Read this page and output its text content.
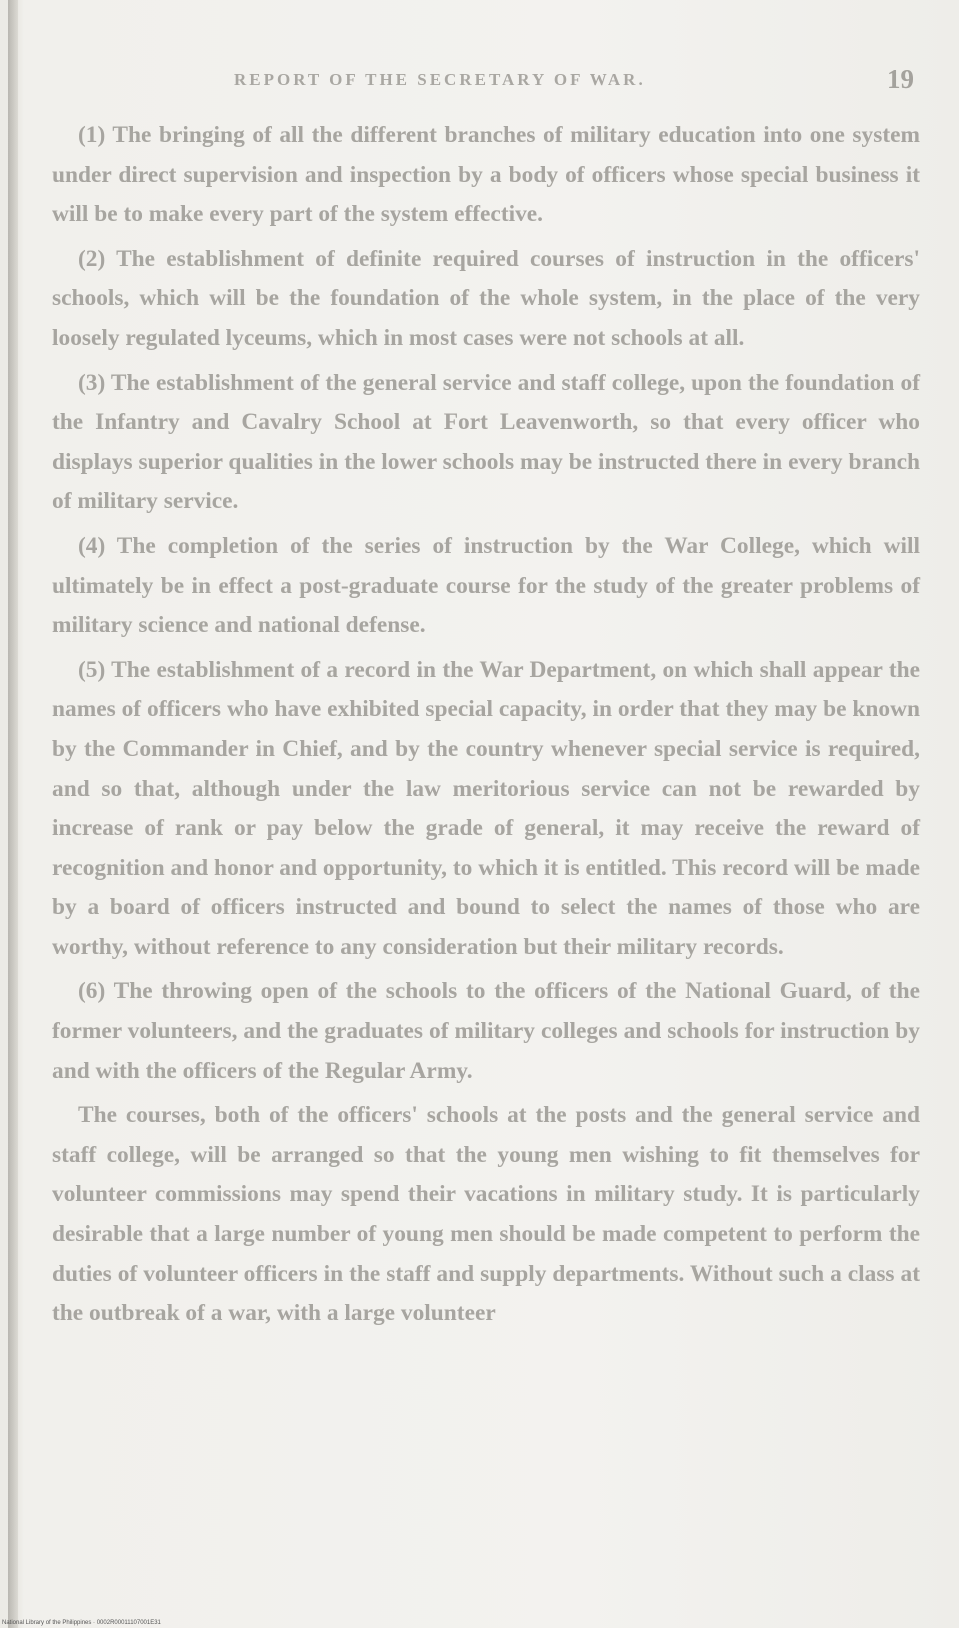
REPORT OF THE SECRETARY OF WAR.	19

(1) The bringing of all the different branches of military education into one system under direct supervision and inspection by a body of officers whose special business it will be to make every part of the system effective.

(2) The establishment of definite required courses of instruction in the officers' schools, which will be the foundation of the whole system, in the place of the very loosely regulated lyceums, which in most cases were not schools at all.

(3) The establishment of the general service and staff college, upon the foundation of the Infantry and Cavalry School at Fort Leavenworth, so that every officer who displays superior qualities in the lower schools may be instructed there in every branch of military service.

(4) The completion of the series of instruction by the War College, which will ultimately be in effect a post-graduate course for the study of the greater problems of military science and national defense.

(5) The establishment of a record in the War Department, on which shall appear the names of officers who have exhibited special capacity, in order that they may be known by the Commander in Chief, and by the country whenever special service is required, and so that, although under the law meritorious service can not be rewarded by increase of rank or pay below the grade of general, it may receive the reward of recognition and honor and opportunity, to which it is entitled. This record will be made by a board of officers instructed and bound to select the names of those who are worthy, without reference to any consideration but their military records.

(6) The throwing open of the schools to the officers of the National Guard, of the former volunteers, and the graduates of military colleges and schools for instruction by and with the officers of the Regular Army.

The courses, both of the officers' schools at the posts and the general service and staff college, will be arranged so that the young men wishing to fit themselves for volunteer commissions may spend their vacations in military study. It is particularly desirable that a large number of young men should be made competent to perform the duties of volunteer officers in the staff and supply departments. Without such a class at the outbreak of a war, with a large volunteer

National Library of the Philippines · 0002R00011107001E31
